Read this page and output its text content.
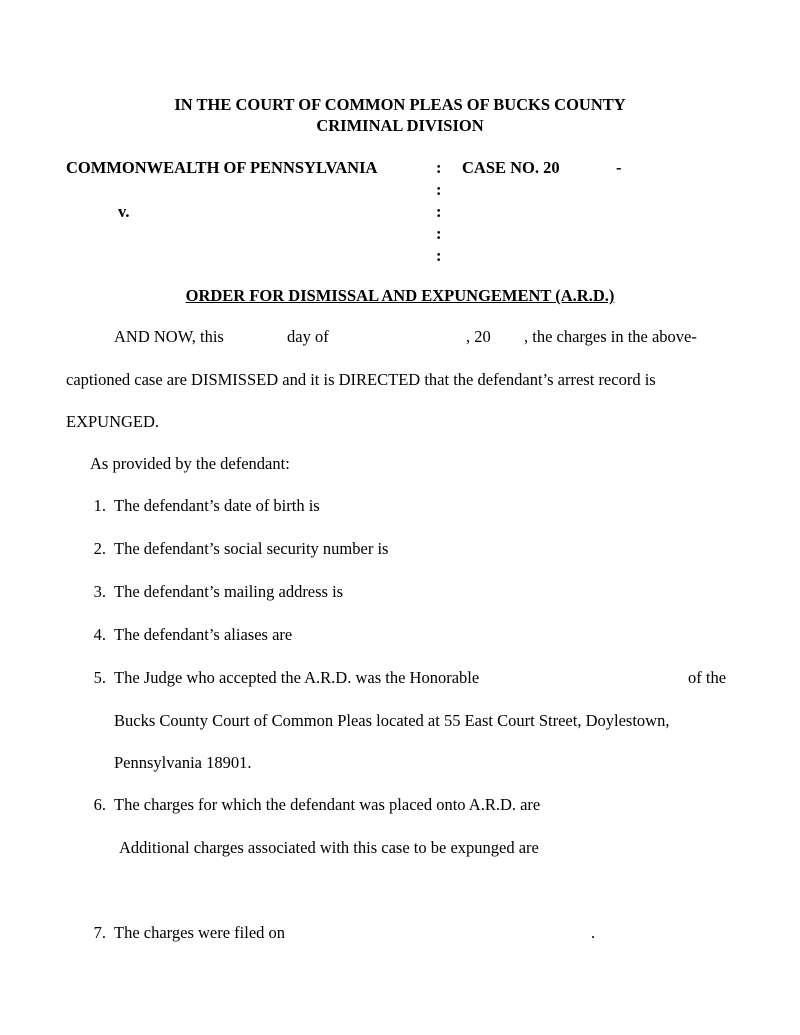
IN THE COURT OF COMMON PLEAS OF BUCKS COUNTY
CRIMINAL DIVISION
COMMONWEALTH OF PENNSYLVANIA	: CASE NO. 20	-
:
v.	:
:
:
ORDER FOR DISMISSAL AND EXPUNGEMENT (A.R.D.)
AND NOW, this	day of	, 20 , the charges in the above-
captioned case are DISMISSED and it is DIRECTED that the defendant’s arrest record is
EXPUNGED.
As provided by the defendant:
1. The defendant’s date of birth is
2. The defendant’s social security number is
3. The defendant’s mailing address is
4. The defendant’s aliases are
5. The Judge who accepted the A.R.D. was the Honorable	of the
Bucks County Court of Common Pleas located at 55 East Court Street, Doylestown,
Pennsylvania 18901.
6. The charges for which the defendant was placed onto A.R.D. are
Additional charges associated with this case to be expunged are
7. The charges were filed on	.
